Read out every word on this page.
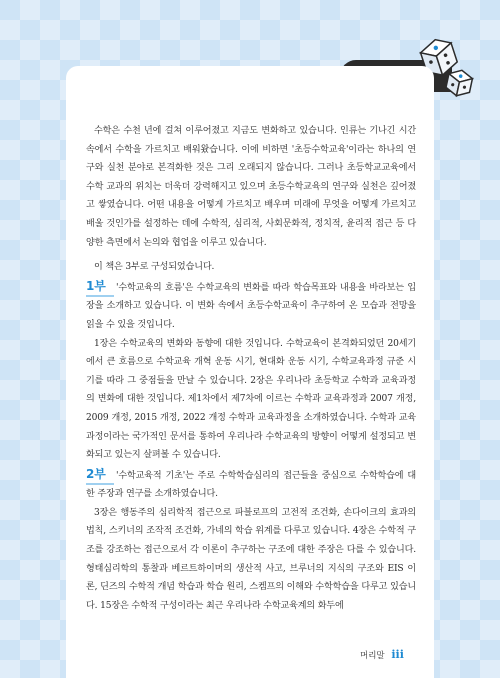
수학은 수천 년에 걸쳐 이루어졌고 지금도 변화하고 있습니다. 인류는 기나긴 시간 속에서 수학을 가르치고 배워왔습니다. 이에 비하면 '초등수학교육'이라는 하나의 연구와 실천 분야로 본격화한 것은 그리 오래되지 않습니다. 그러나 초등학교교육에서 수학 교과의 위치는 더욱더 강력해지고 있으며 초등수학교육의 연구와 실천은 깊어졌고 쌓였습니다. 어떤 내용을 어떻게 가르치고 배우며 미래에 무엇을 어떻게 가르치고 배울 것인가를 설정하는 데에 수학적, 심리적, 사회문화적, 정치적, 윤리적 접근 등 다양한 측면에서 논의와 협업을 이루고 있습니다.

이 책은 3부로 구성되었습니다.

1부 '수학교육의 흐름'은 수학교육의 변화를 따라 학습목표와 내용을 바라보는 입장을 소개하고 있습니다. 이 변화 속에서 초등수학교육이 추구하여 온 모습과 전망을 읽을 수 있을 것입니다.

1장은 수학교육의 변화와 동향에 대한 것입니다. 수학교육이 본격화되었던 20세기에서 큰 흐름으로 수학교육 개혁 운동 시기, 현대화 운동 시기, 수학교육과정 규준 시기를 따라 그 중점들을 만날 수 있습니다. 2장은 우리나라 초등학교 수학과 교육과정의 변화에 대한 것입니다. 제1차에서 제7차에 이르는 수학과 교육과정과 2007 개정, 2009 개정, 2015 개정, 2022 개정 수학과 교육과정을 소개하였습니다. 수학과 교육과정이라는 국가적인 문서를 통하여 우리나라 수학교육의 방향이 어떻게 설정되고 변화되고 있는지 살펴볼 수 있습니다.

2부 '수학교육적 기초'는 주로 수학학습심리의 접근들을 중심으로 수학학습에 대한 주장과 연구를 소개하였습니다.

3장은 행동주의 심리학적 접근으로 파블로프의 고전적 조건화, 손다이크의 효과의 법칙, 스키너의 조작적 조건화, 가네의 학습 위계를 다루고 있습니다. 4장은 수학적 구조를 강조하는 접근으로서 각 이론이 추구하는 구조에 대한 주장은 다를 수 있습니다. 형태심리학의 통찰과 베르트하이머의 생산적 사고, 브루너의 지식의 구조와 EIS 이론, 딘즈의 수학적 개념 학습과 학습 원리, 스켐프의 이해와 수학학습을 다루고 있습니다. 15장은 수학적 구성이라는 최근 우리나라 수학교육계의 화두에

머리말 iii
